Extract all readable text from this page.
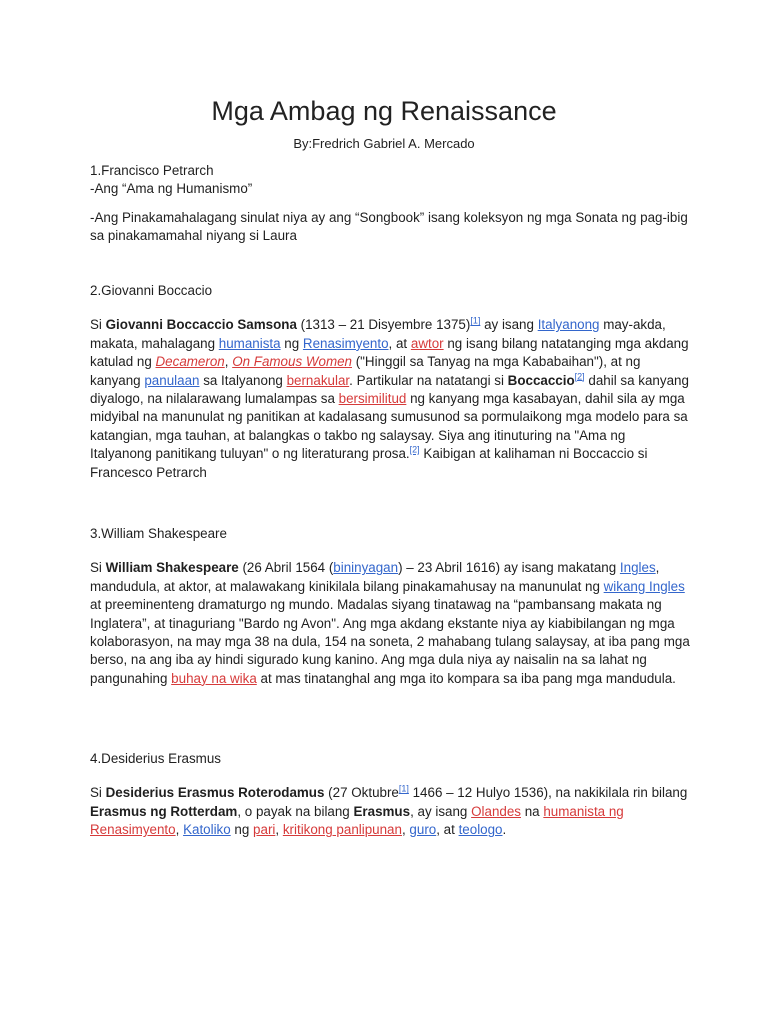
Mga Ambag ng Renaissance
By:Fredrich Gabriel A. Mercado

1.Francisco Petrarch

-Ang “Ama ng Humanismo”

-Ang Pinakamahalagang sinulat niya ay ang “Songbook” isang koleksyon ng mga Sonata ng pag-ibig sa pinakamamahal niyang si Laura

2.Giovanni Boccacio

Si Giovanni Boccaccio Samsona (1313 – 21 Disyembre 1375)[1] ay isang Italyanong may-akda, makata, mahalagang humanista ng Renasimyento, at awtor ng isang bilang natatanging mga akdang katulad ng Decameron, On Famous Women ("Hinggil sa Tanyag na mga Kababaihan"), at ng kanyang panulaan sa Italyanong bernakular. Partikular na natatangi si Boccaccio[2] dahil sa kanyang diyalogo, na nilalarawang lumalampas sa bersimilitud ng kanyang mga kasabayan, dahil sila ay mga midyibal na manunulat ng panitikan at kadalasang sumusunod sa pormulaikong mga modelo para sa katangian, mga tauhan, at balangkas o takbo ng salaysay. Siya ang itinuturing na "Ama ng Italyanong panitikang tuluyan" o ng literaturang prosa.[2] Kaibigan at kalihaman ni Boccaccio si Francesco Petrarch

3.William Shakespeare

Si William Shakespeare (26 Abril 1564 (bininyagan) – 23 Abril 1616) ay isang makatang Ingles, mandudula, at aktor, at malawakang kinikilala bilang pinakamahusay na manunulat ng wikang Ingles at preeminenteng dramaturgo ng mundo. Madalas siyang tinatawag na “pambansang makata ng Inglatera”, at tinaguriang "Bardo ng Avon". Ang mga akdang ekstante niya ay kiabibilangan ng mga kolaborasyon, na may mga 38 na dula, 154 na soneta, 2 mahabang tulang salaysay, at iba pang mga berso, na ang iba ay hindi sigurado kung kanino. Ang mga dula niya ay naisalin na sa lahat ng pangunahing buhay na wika at mas tinatanghal ang mga ito kompara sa iba pang mga mandudula.

4.Desiderius Erasmus

Si Desiderius Erasmus Roterodamus (27 Oktubre[1] 1466 – 12 Hulyo 1536), na nakikilala rin bilang Erasmus ng Rotterdam, o payak na bilang Erasmus, ay isang Olandes na humanista ng Renasimyento, Katoliko ng pari, kritikong panlipunan, guro, at teologo.
